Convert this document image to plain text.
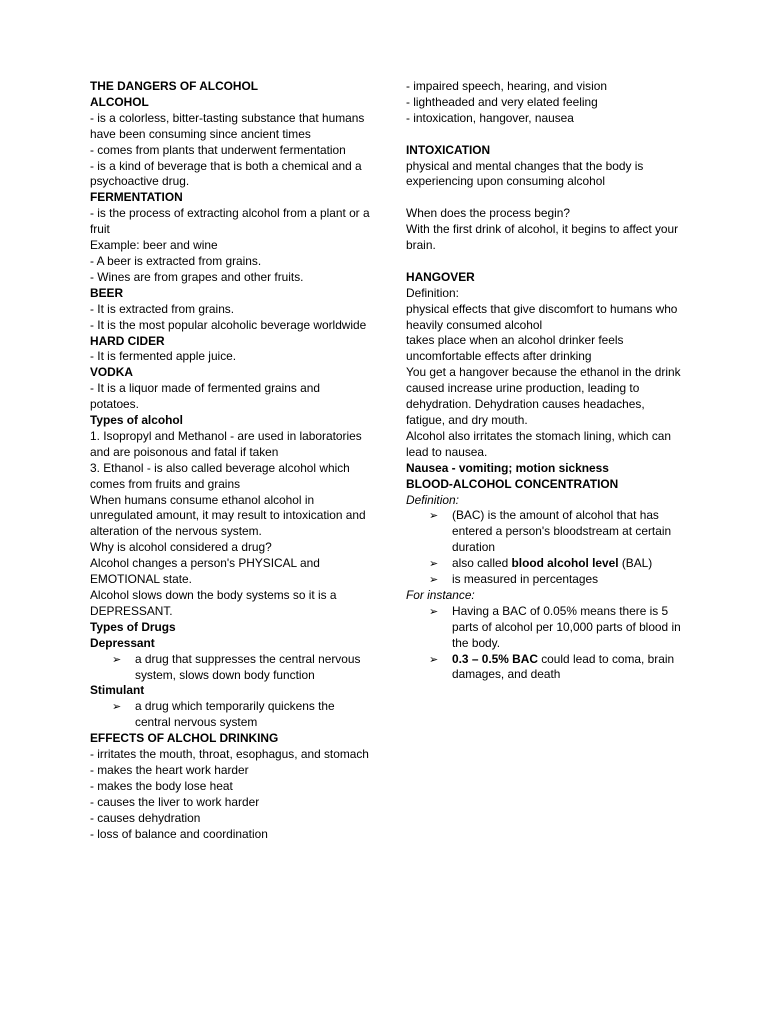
THE DANGERS OF ALCOHOL
ALCOHOL
- is a colorless, bitter-tasting substance that humans have been consuming since ancient times
- comes from plants that underwent fermentation
- is a kind of beverage that is both a chemical and a psychoactive drug.
FERMENTATION
- is the process of extracting alcohol from a plant or a fruit
Example: beer and wine
- A beer is extracted from grains.
- Wines are from grapes and other fruits.
BEER
- It is extracted from grains.
- It is the most popular alcoholic beverage worldwide
HARD CIDER
- It is fermented apple juice.
VODKA
- It is a liquor made of fermented grains and potatoes.
Types of alcohol
1. Isopropyl and Methanol - are used in laboratories and are poisonous and fatal if taken
3. Ethanol - is also called beverage alcohol which comes from fruits and grains
When humans consume ethanol alcohol in unregulated amount, it may result to intoxication and alteration of the nervous system.
Why is alcohol considered a drug?
Alcohol changes a person's PHYSICAL and EMOTIONAL state.
Alcohol slows down the body systems so it is a DEPRESSANT.
Types of Drugs
Depressant
➢ a drug that suppresses the central nervous system, slows down body function
Stimulant
➢ a drug which temporarily quickens the central nervous system
EFFECTS OF ALCHOL DRINKING
- irritates the mouth, throat, esophagus, and stomach
- makes the heart work harder
- makes the body lose heat
- causes the liver to work harder
- causes dehydration
- loss of balance and coordination
- impaired speech, hearing, and vision
- lightheaded and very elated feeling
- intoxication, hangover, nausea
INTOXICATION
physical and mental changes that the body is experiencing upon consuming alcohol
When does the process begin?
With the first drink of alcohol, it begins to affect your brain.
HANGOVER
Definition:
physical effects that give discomfort to humans who heavily consumed alcohol
takes place when an alcohol drinker feels uncomfortable effects after drinking
You get a hangover because the ethanol in the drink caused increase urine production, leading to dehydration. Dehydration causes headaches, fatigue, and dry mouth.
Alcohol also irritates the stomach lining, which can lead to nausea.
Nausea - vomiting; motion sickness
BLOOD-ALCOHOL CONCENTRATION
Definition:
➢ (BAC) is the amount of alcohol that has entered a person's bloodstream at certain duration
➢ also called blood alcohol level (BAL)
➢ is measured in percentages
For instance:
➢ Having a BAC of 0.05% means there is 5 parts of alcohol per 10,000 parts of blood in the body.
➢ 0.3 – 0.5% BAC could lead to coma, brain damages, and death
